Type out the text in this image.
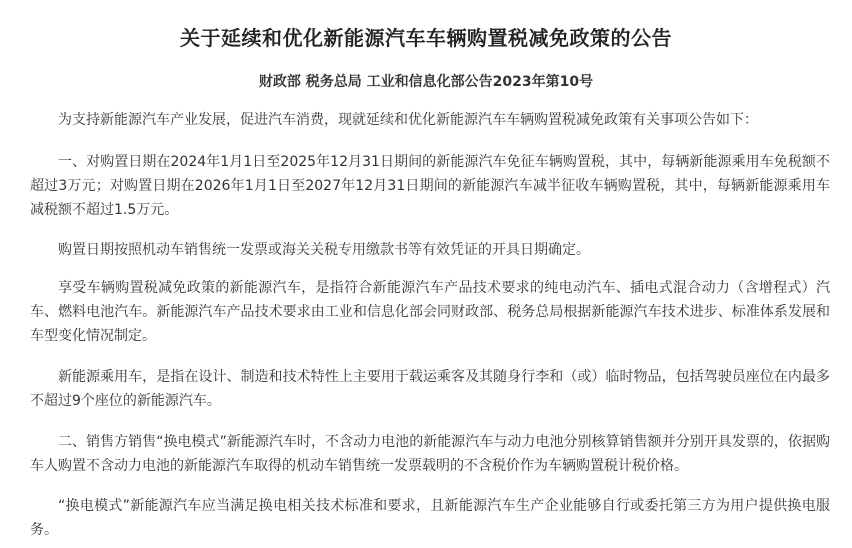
关于延续和优化新能源汽车车辆购置税减免政策的公告
财政部 税务总局 工业和信息化部公告2023年第10号

为支持新能源汽车产业发展，促进汽车消费，现就延续和优化新能源汽车车辆购置税减免政策有关事项公告如下：

一、对购置日期在2024年1月1日至2025年12月31日期间的新能源汽车免征车辆购置税，其中，每辆新能源乘用车免税额不超过3万元；对购置日期在2026年1月1日至2027年12月31日期间的新能源汽车减半征收车辆购置税，其中，每辆新能源乘用车减税额不超过1.5万元。

购置日期按照机动车销售统一发票或海关关税专用缴款书等有效凭证的开具日期确定。

享受车辆购置税减免政策的新能源汽车，是指符合新能源汽车产品技术要求的纯电动汽车、插电式混合动力（含增程式）汽车、燃料电池汽车。新能源汽车产品技术要求由工业和信息化部会同财政部、税务总局根据新能源汽车技术进步、标准体系发展和车型变化情况制定。

新能源乘用车，是指在设计、制造和技术特性上主要用于载运乘客及其随身行李和（或）临时物品，包括驾驶员座位在内最多不超过9个座位的新能源汽车。

二、销售方销售“换电模式”新能源汽车时，不含动力电池的新能源汽车与动力电池分别核算销售额并分别开具发票的，依据购车人购置不含动力电池的新能源汽车取得的机动车销售统一发票载明的不含税价作为车辆购置税计税价格。

“换电模式”新能源汽车应当满足换电相关技术标准和要求，且新能源汽车生产企业能够自行或委托第三方为用户提供换电服务。
